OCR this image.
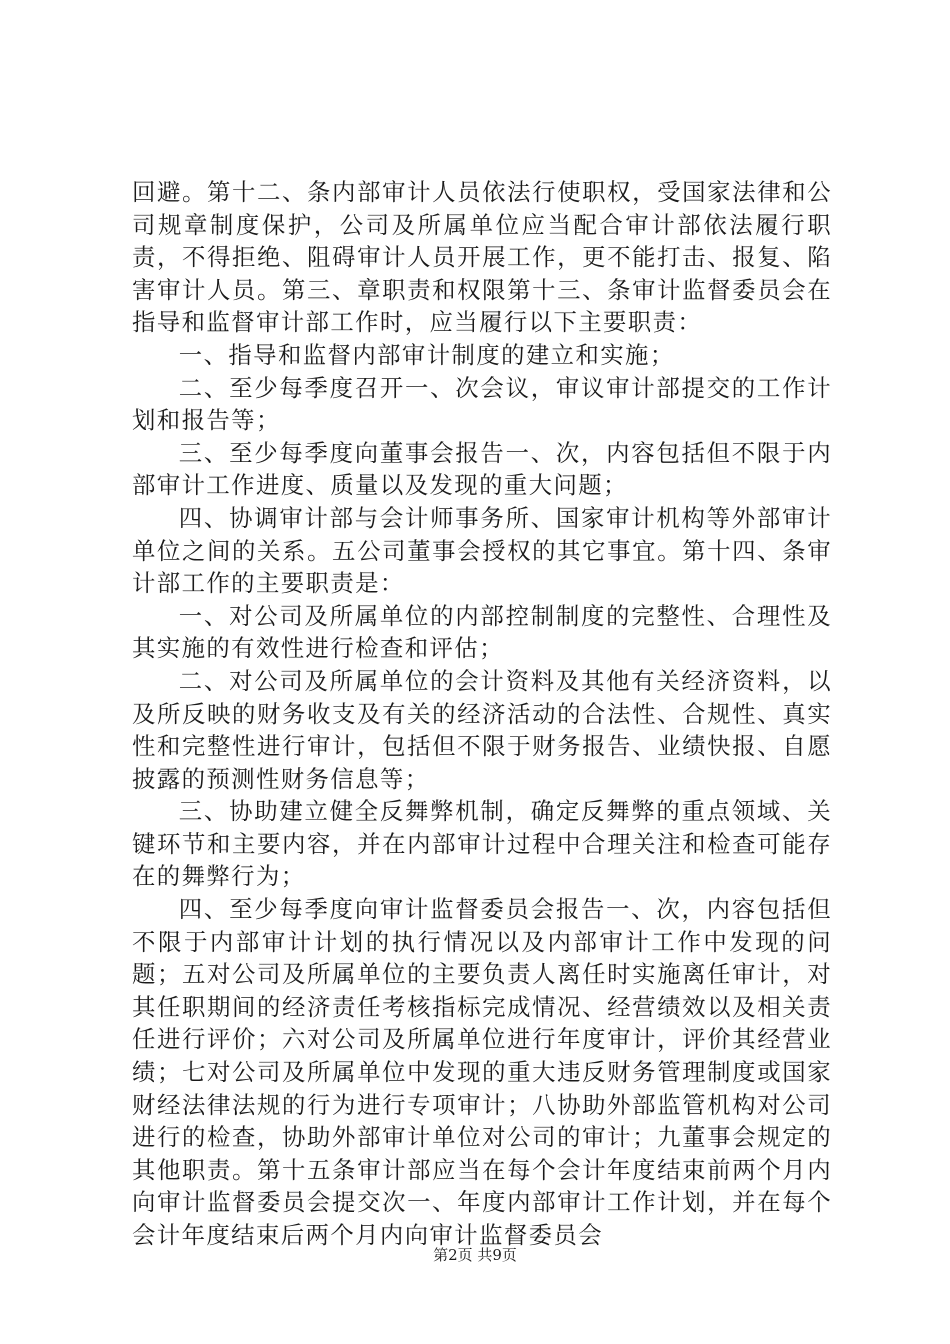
回避。第十二、条内部审计人员依法行使职权，受国家法律和公司规章制度保护，公司及所属单位应当配合审计部依法履行职责，不得拒绝、阻碍审计人员开展工作，更不能打击、报复、陷害审计人员。第三、章职责和权限第十三、条审计监督委员会在指导和监督审计部工作时，应当履行以下主要职责：

一、指导和监督内部审计制度的建立和实施；

二、至少每季度召开一、次会议，审议审计部提交的工作计划和报告等；

三、至少每季度向董事会报告一、次，内容包括但不限于内部审计工作进度、质量以及发现的重大问题；

四、协调审计部与会计师事务所、国家审计机构等外部审计单位之间的关系。五公司董事会授权的其它事宜。第十四、条审计部工作的主要职责是：

一、对公司及所属单位的内部控制制度的完整性、合理性及其实施的有效性进行检查和评估；

二、对公司及所属单位的会计资料及其他有关经济资料，以及所反映的财务收支及有关的经济活动的合法性、合规性、真实性和完整性进行审计，包括但不限于财务报告、业绩快报、自愿披露的预测性财务信息等；

三、协助建立健全反舞弊机制，确定反舞弊的重点领域、关键环节和主要内容，并在内部审计过程中合理关注和检查可能存在的舞弊行为；

四、至少每季度向审计监督委员会报告一、次，内容包括但不限于内部审计计划的执行情况以及内部审计工作中发现的问题；五对公司及所属单位的主要负责人离任时实施离任审计，对其任职期间的经济责任考核指标完成情况、经营绩效以及相关责任进行评价；六对公司及所属单位进行年度审计，评价其经营业绩；七对公司及所属单位中发现的重大违反财务管理制度或国家财经法律法规的行为进行专项审计；八协助外部监管机构对公司进行的检查，协助外部审计单位对公司的审计；九董事会规定的其他职责。第十五条审计部应当在每个会计年度结束前两个月内向审计监督委员会提交次一、年度内部审计工作计划，并在每个会计年度结束后两个月内向审计监督委员会

第2页 共9页
